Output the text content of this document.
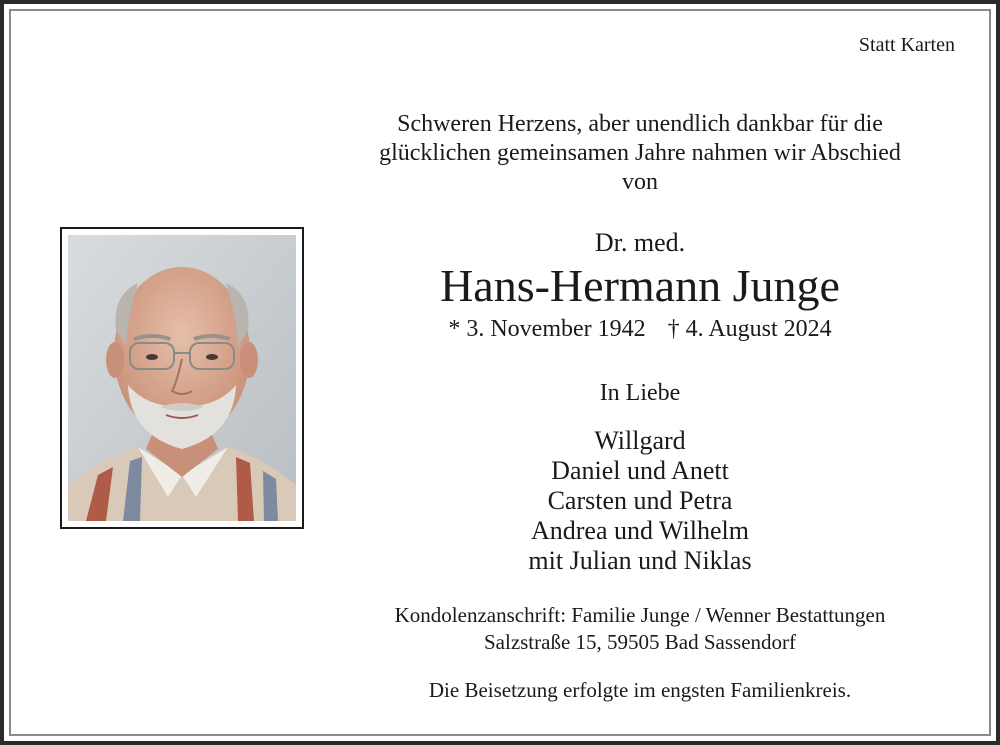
Statt Karten
Schweren Herzens, aber unendlich dankbar für die
glücklichen gemeinsamen Jahre nahmen wir Abschied
von
Dr. med.
Hans-Hermann Junge
* 3. November 1942 † 4. August 2024
In Liebe
Willgard
Daniel und Anett
Carsten und Petra
Andrea und Wilhelm
mit Julian und Niklas
Kondolenzanschrift: Familie Junge / Wenner Bestattungen
Salzstraße 15, 59505 Bad Sassendorf
Die Beisetzung erfolgte im engsten Familienkreis.
